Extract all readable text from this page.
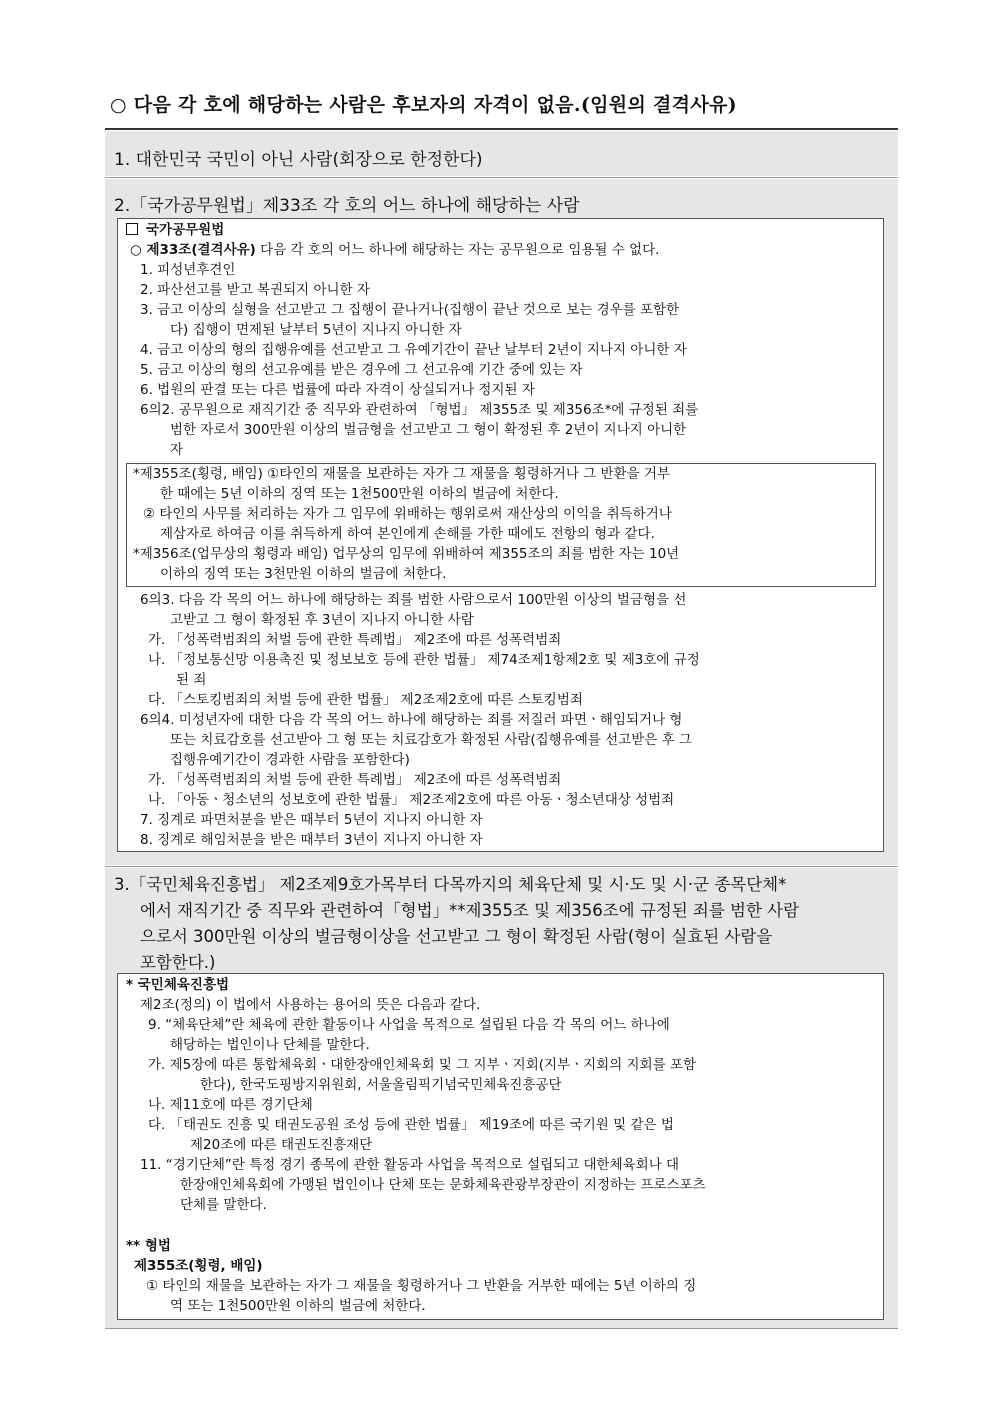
○ 다음 각 호에 해당하는 사람은 후보자의 자격이 없음.(임원의 결격사유)
1. 대한민국 국민이 아닌 사람(회장으로 한정한다)
2.「국가공무원법」제33조 각 호의 어느 하나에 해당하는 사람
국가공무원법
○ 제33조(결격사유) 다음 각 호의 어느 하나에 해당하는 자는 공무원으로 임용될 수 없다.
1. 피성년후견인
2. 파산선고를 받고 복권되지 아니한 자
3. 금고 이상의 실형을 선고받고 그 집행이 끝나거나(집행이 끝난 것으로 보는 경우를 포함한
다) 집행이 면제된 날부터 5년이 지나지 아니한 자
4. 금고 이상의 형의 집행유예를 선고받고 그 유예기간이 끝난 날부터 2년이 지나지 아니한 자
5. 금고 이상의 형의 선고유예를 받은 경우에 그 선고유예 기간 중에 있는 자
6. 법원의 판결 또는 다른 법률에 따라 자격이 상실되거나 정지된 자
6의2. 공무원으로 재직기간 중 직무와 관련하여 「형법」 제355조 및 제356조*에 규정된 죄를
범한 자로서 300만원 이상의 벌금형을 선고받고 그 형이 확정된 후 2년이 지나지 아니한
자
*제355조(횡령, 배임) ①타인의 재물을 보관하는 자가 그 재물을 횡령하거나 그 반환을 거부
한 때에는 5년 이하의 징역 또는 1천500만원 이하의 벌금에 처한다.
② 타인의 사무를 처리하는 자가 그 임무에 위배하는 행위로써 재산상의 이익을 취득하거나
제삼자로 하여금 이를 취득하게 하여 본인에게 손해를 가한 때에도 전항의 형과 같다.
*제356조(업무상의 횡령과 배임) 업무상의 임무에 위배하여 제355조의 죄를 범한 자는 10년
이하의 징역 또는 3천만원 이하의 벌금에 처한다.
6의3. 다음 각 목의 어느 하나에 해당하는 죄를 범한 사람으로서 100만원 이상의 벌금형을 선
고받고 그 형이 확정된 후 3년이 지나지 아니한 사람
가. 「성폭력범죄의 처벌 등에 관한 특례법」 제2조에 따른 성폭력범죄
나. 「정보통신망 이용촉진 및 정보보호 등에 관한 법률」 제74조제1항제2호 및 제3호에 규정
된 죄
다. 「스토킹범죄의 처벌 등에 관한 법률」 제2조제2호에 따른 스토킹범죄
6의4. 미성년자에 대한 다음 각 목의 어느 하나에 해당하는 죄를 저질러 파면ㆍ해임되거나 형
또는 치료감호를 선고받아 그 형 또는 치료감호가 확정된 사람(집행유예를 선고받은 후 그
집행유예기간이 경과한 사람을 포함한다)
가. 「성폭력범죄의 처벌 등에 관한 특례법」 제2조에 따른 성폭력범죄
나. 「아동ㆍ청소년의 성보호에 관한 법률」 제2조제2호에 따른 아동ㆍ청소년대상 성범죄
7. 징계로 파면처분을 받은 때부터 5년이 지나지 아니한 자
8. 징계로 해임처분을 받은 때부터 3년이 지나지 아니한 자
3.「국민체육진흥법」 제2조제9호가목부터 다목까지의 체육단체 및 시·도 및 시·군 종목단체*
에서 재직기간 중 직무와 관련하여「형법」**제355조 및 제356조에 규정된 죄를 범한 사람
으로서 300만원 이상의 벌금형이상을 선고받고 그 형이 확정된 사람(형이 실효된 사람을
포함한다.)
* 국민체육진흥법
제2조(정의) 이 법에서 사용하는 용어의 뜻은 다음과 같다.
9. “체육단체”란 체육에 관한 활동이나 사업을 목적으로 설립된 다음 각 목의 어느 하나에
해당하는 법인이나 단체를 말한다.
가. 제5장에 따른 통합체육회ㆍ대한장애인체육회 및 그 지부ㆍ지회(지부ㆍ지회의 지회를 포함
한다), 한국도핑방지위원회, 서울올림픽기념국민체육진흥공단
나. 제11호에 따른 경기단체
다. 「태권도 진흥 및 태권도공원 조성 등에 관한 법률」 제19조에 따른 국기원 및 같은 법
제20조에 따른 태권도진흥재단
11. “경기단체”란 특정 경기 종목에 관한 활동과 사업을 목적으로 설립되고 대한체육회나 대
한장애인체육회에 가맹된 법인이나 단체 또는 문화체육관광부장관이 지정하는 프로스포츠
단체를 말한다.
** 형법
제355조(횡령, 배임)
① 타인의 재물을 보관하는 자가 그 재물을 횡령하거나 그 반환을 거부한 때에는 5년 이하의 징
역 또는 1천500만원 이하의 벌금에 처한다.
